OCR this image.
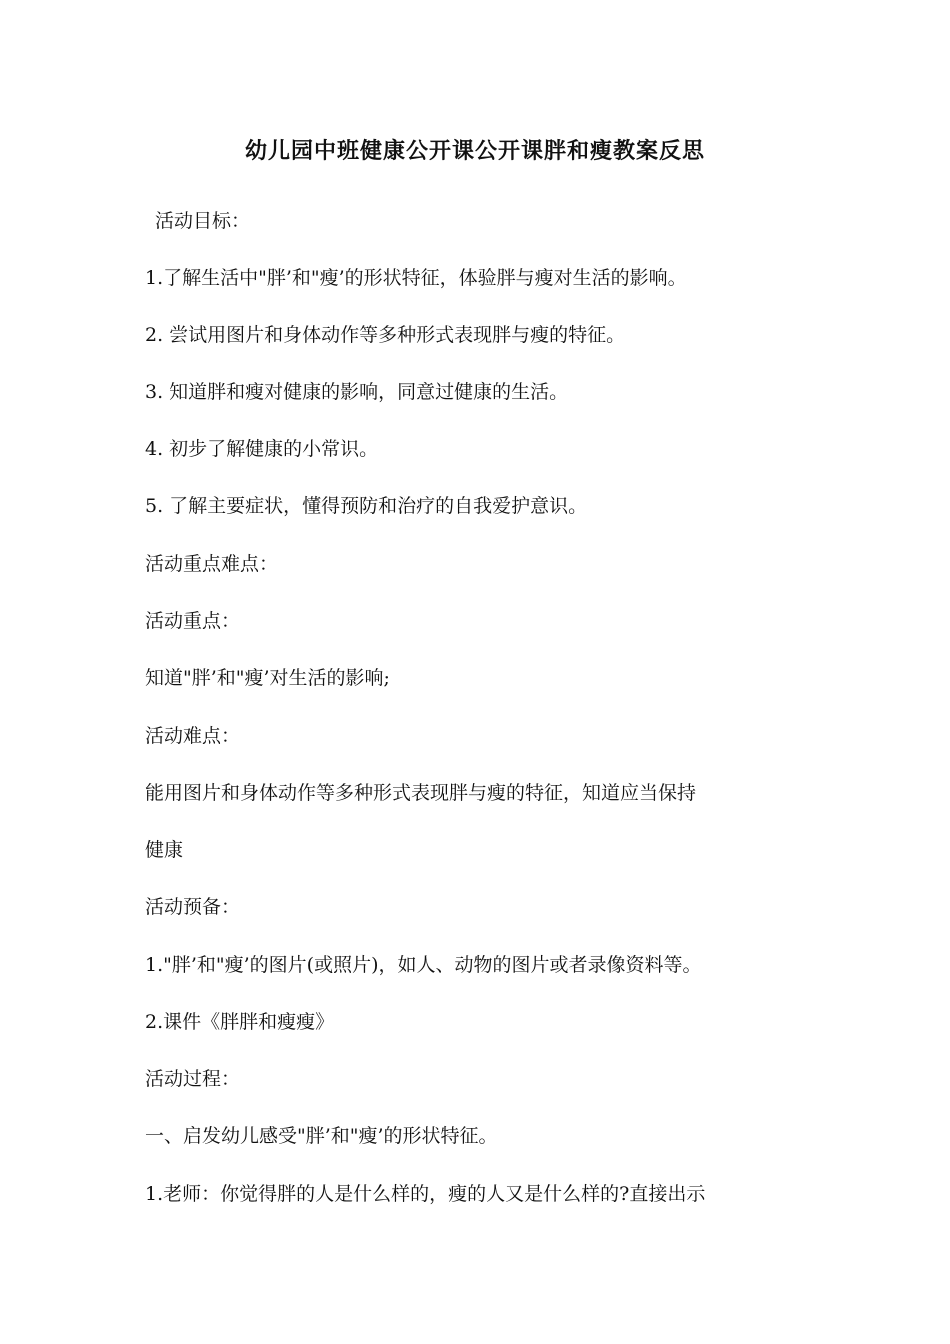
幼儿园中班健康公开课公开课胖和瘦教案反思
活动目标：
1.了解生活中"胖’和"瘦’的形状特征，体验胖与瘦对生活的影响。
2. 尝试用图片和身体动作等多种形式表现胖与瘦的特征。
3. 知道胖和瘦对健康的影响，同意过健康的生活。
4. 初步了解健康的小常识。
5. 了解主要症状，懂得预防和治疗的自我爱护意识。
活动重点难点：
活动重点：
知道"胖’和"瘦’对生活的影响;
活动难点：
能用图片和身体动作等多种形式表现胖与瘦的特征，知道应当保持
健康
活动预备：
1."胖’和"瘦’的图片(或照片)，如人、动物的图片或者录像资料等。
2.课件《胖胖和瘦瘦》
活动过程：
一、启发幼儿感受"胖’和"瘦’的形状特征。
1.老师：你觉得胖的人是什么样的，瘦的人又是什么样的?直接出示
